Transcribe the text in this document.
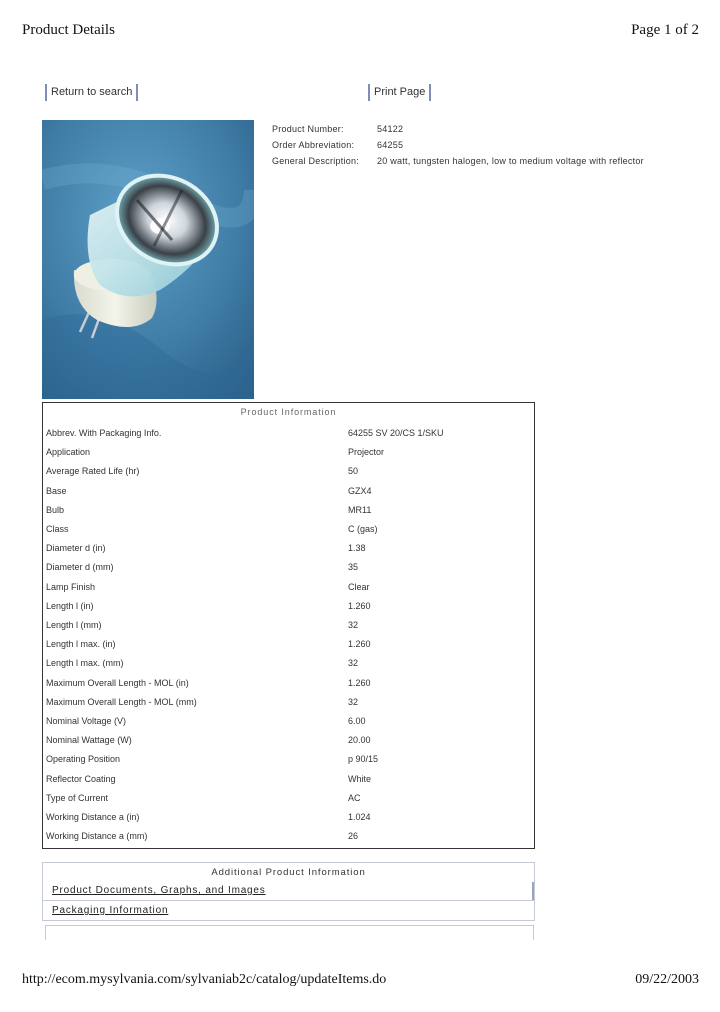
Product Details	Page 1 of 2
Return to search	Print Page
Product Number:	54122
Order Abbreviation:	64255
General Description: 20 watt, tungsten halogen, low to medium voltage with reflector
Product Information
Abbrev. With Packaging Info.	64255 SV 20/CS 1/SKU
Application	Projector
Average Rated Life (hr)	50
Base	GZX4
Bulb	MR11
Class	C (gas)
Diameter d (in)	1.38
Diameter d (mm)	35
Lamp Finish	Clear
Length l (in)	1.260
Length l (mm)	32
Length l max. (in)	1.260
Length l max. (mm)	32
Maximum Overall Length - MOL (in)	1.260
Maximum Overall Length - MOL (mm)	32
Nominal Voltage (V)	6.00
Nominal Wattage (W)	20.00
Operating Position	p 90/15
Reflector Coating	White
Type of Current	AC
Working Distance a (in)	1.024
Working Distance a (mm)	26
Additional Product Information
Product Documents, Graphs, and Images
Packaging Information
http://ecom.mysylvania.com/sylvaniab2c/catalog/updateItems.do	09/22/2003
